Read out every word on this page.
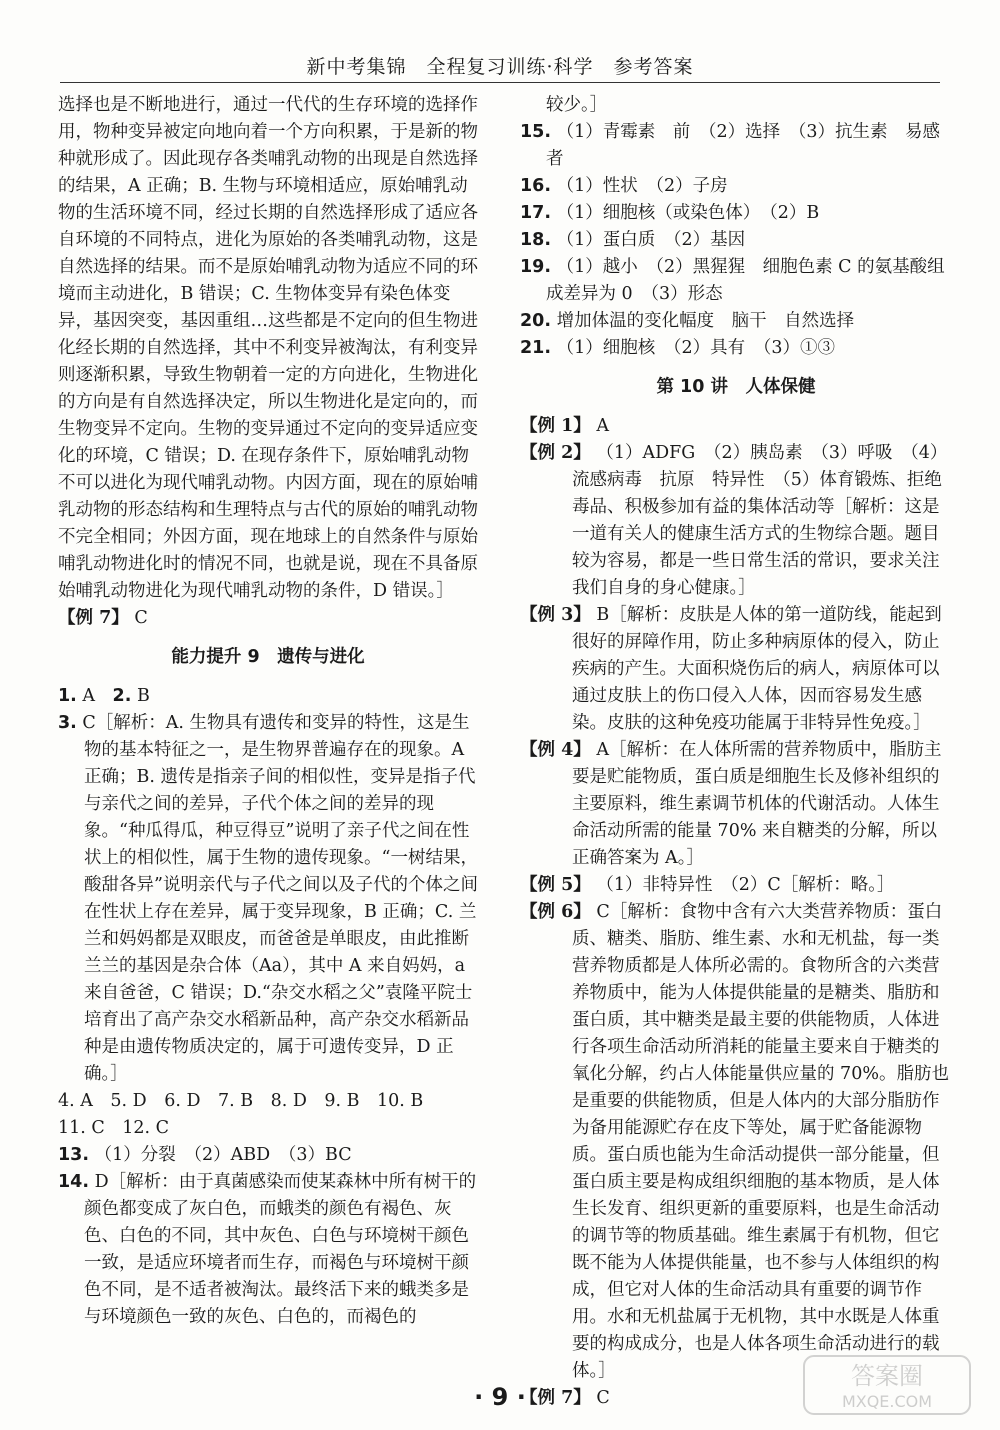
新中考集锦　全程复习训练·科学　参考答案

选择也是不断地进行，通过一代代的生存环境的选择作用，物种变异被定向地向着一个方向积累，于是新的物种就形成了。因此现存各类哺乳动物的出现是自然选择的结果，A 正确；B. 生物与环境相适应，原始哺乳动物的生活环境不同，经过长期的自然选择形成了适应各自环境的不同特点，进化为原始的各类哺乳动物，这是自然选择的结果。而不是原始哺乳动物为适应不同的环境而主动进化，B 错误；C. 生物体变异有染色体变异，基因突变，基因重组…这些都是不定向的但生物进化经长期的自然选择，其中不利变异被淘汰，有利变异则逐渐积累，导致生物朝着一定的方向进化，生物进化的方向是有自然选择决定，所以生物进化是定向的，而生物变异不定向。生物的变异通过不定向的变异适应变化的环境，C 错误；D. 在现存条件下，原始哺乳动物不可以进化为现代哺乳动物。内因方面，现在的原始哺乳动物的形态结构和生理特点与古代的原始的哺乳动物不完全相同；外因方面，现在地球上的自然条件与原始哺乳动物进化时的情况不同，也就是说，现在不具备原始哺乳动物进化为现代哺乳动物的条件，D 错误。］

【例 7】 C

能力提升 9　遗传与进化

1. A　2. B

3. C［解析：A. 生物具有遗传和变异的特性，这是生物的基本特征之一，是生物界普遍存在的现象。A 正确；B. 遗传是指亲子间的相似性，变异是指子代与亲代之间的差异，子代个体之间的差异的现象。“种瓜得瓜，种豆得豆”说明了亲子代之间在性状上的相似性，属于生物的遗传现象。“一树结果，酸甜各异”说明亲代与子代之间以及子代的个体之间在性状上存在差异，属于变异现象，B 正确；C. 兰兰和妈妈都是双眼皮，而爸爸是单眼皮，由此推断兰兰的基因是杂合体（Aa），其中 A 来自妈妈，a 来自爸爸，C 错误；D.“杂交水稻之父”袁隆平院士培育出了高产杂交水稻新品种，高产杂交水稻新品种是由遗传物质决定的，属于可遗传变异，D 正确。］

4. A　5. D　6. D　7. B　8. D　9. B　10. B

11. C　12. C

13. （1）分裂　（2）ABD　（3）BC

14. D［解析：由于真菌感染而使某森林中所有树干的颜色都变成了灰白色，而蛾类的颜色有褐色、灰色、白色的不同，其中灰色、白色与环境树干颜色一致，是适应环境者而生存，而褐色与环境树干颜色不同，是不适者被淘汰。最终活下来的蛾类多是与环境颜色一致的灰色、白色的，而褐色的

较少。］

15. （1）青霉素　前　（2）选择　（3）抗生素　易感者

16. （1）性状　（2）子房

17. （1）细胞核（或染色体）　（2）B

18. （1）蛋白质　（2）基因

19. （1）越小　（2）黑猩猩　细胞色素 C 的氨基酸组成差异为 0　（3）形态

20. 增加体温的变化幅度　脑干　自然选择

21. （1）细胞核　（2）具有　（3）①③

第 10 讲　人体保健

【例 1】 A

【例 2】 （1）ADFG　（2）胰岛素　（3）呼吸　（4）流感病毒　抗原　特异性　（5）体育锻炼、拒绝毒品、积极参加有益的集体活动等［解析：这是一道有关人的健康生活方式的生物综合题。题目较为容易，都是一些日常生活的常识，要求关注我们自身的身心健康。］

【例 3】 B［解析：皮肤是人体的第一道防线，能起到很好的屏障作用，防止多种病原体的侵入，防止疾病的产生。大面积烧伤后的病人，病原体可以通过皮肤上的伤口侵入人体，因而容易发生感染。皮肤的这种免疫功能属于非特异性免疫。］

【例 4】 A［解析：在人体所需的营养物质中，脂肪主要是贮能物质，蛋白质是细胞生长及修补组织的主要原料，维生素调节机体的代谢活动。人体生命活动所需的能量 70% 来自糖类的分解，所以正确答案为 A。］

【例 5】 （1）非特异性　（2）C［解析：略。］

【例 6】 C［解析：食物中含有六大类营养物质：蛋白质、糖类、脂肪、维生素、水和无机盐，每一类营养物质都是人体所必需的。食物所含的六类营养物质中，能为人体提供能量的是糖类、脂肪和蛋白质，其中糖类是最主要的供能物质，人体进行各项生命活动所消耗的能量主要来自于糖类的氧化分解，约占人体能量供应量的 70%。脂肪也是重要的供能物质，但是人体内的大部分脂肪作为备用能源贮存在皮下等处，属于贮备能源物质。蛋白质也能为生命活动提供一部分能量，但蛋白质主要是构成组织细胞的基本物质，是人体生长发育、组织更新的重要原料，也是生命活动的调节等的物质基础。维生素属于有机物，但它既不能为人体提供能量，也不参与人体组织的构成，但它对人体的生命活动具有重要的调节作用。水和无机盐属于无机物，其中水既是人体重要的构成成分，也是人体各项生命活动进行的载体。］

【例 7】 C

· 9 ·
答案圈
MXQE.COM
